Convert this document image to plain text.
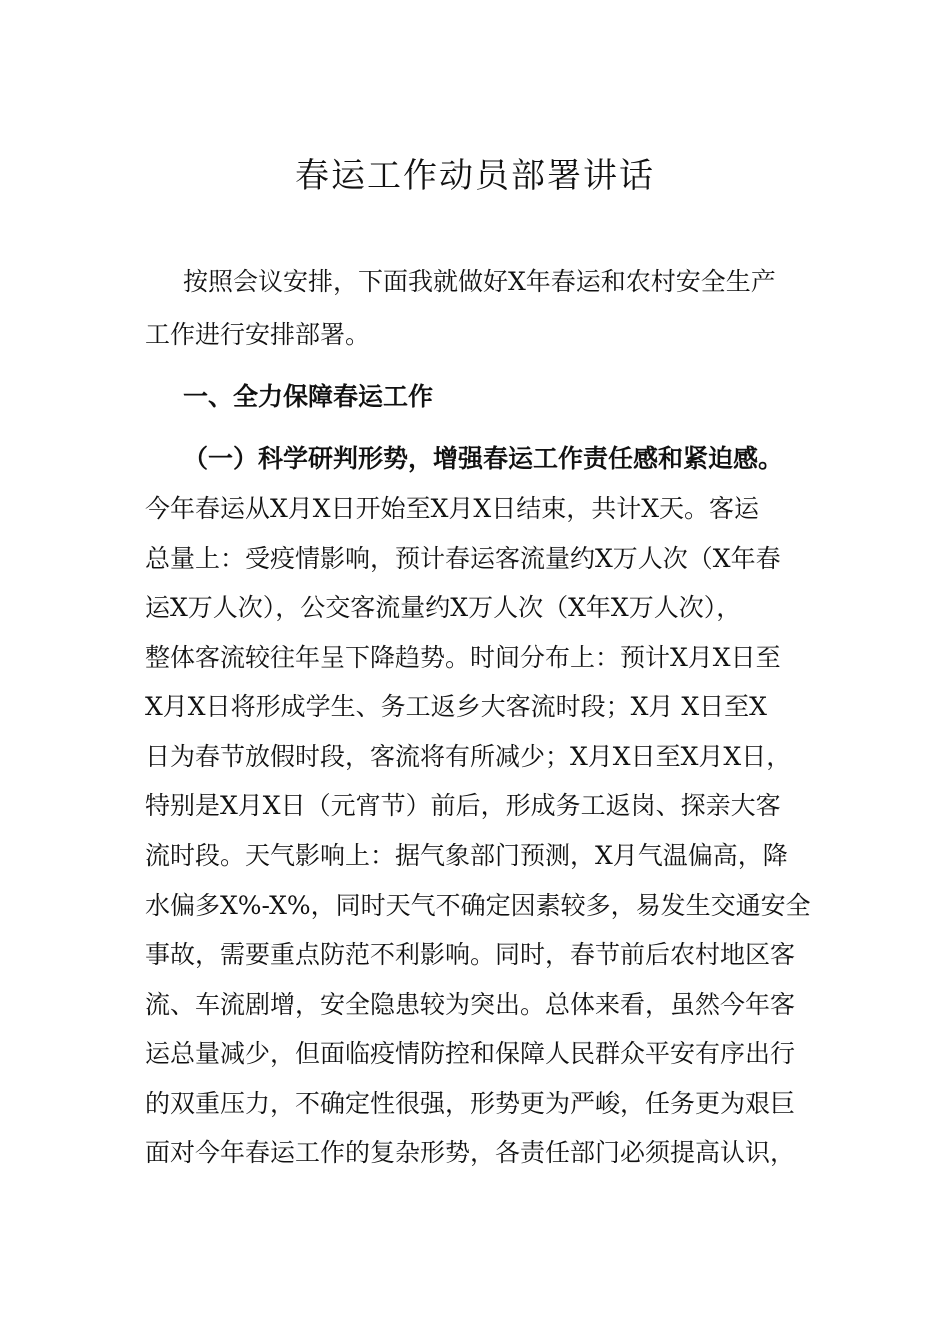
春运工作动员部署讲话
按照会议安排，下面我就做好X年春运和农村安全生产
工作进行安排部署。
一、全力保障春运工作
（一）科学研判形势，增强春运工作责任感和紧迫感。
今年春运从X月X日开始至X月X日结束，共计X天。客运
总量上：受疫情影响，预计春运客流量约X万人次（X年春
运X万人次），公交客流量约X万人次（X年X万人次），
整体客流较往年呈下降趋势。时间分布上：预计X月X日至
X月X日将形成学生、务工返乡大客流时段；X月 X日至X
日为春节放假时段，客流将有所减少；X月X日至X月X日，
特别是X月X日（元宵节）前后，形成务工返岗、探亲大客
流时段。天气影响上：据气象部门预测，X月气温偏高，降
水偏多X%-X%，同时天气不确定因素较多，易发生交通安全
事故，需要重点防范不利影响。同时，春节前后农村地区客
流、车流剧增，安全隐患较为突出。总体来看，虽然今年客
运总量减少，但面临疫情防控和保障人民群众平安有序出行
的双重压力，不确定性很强，形势更为严峻，任务更为艰巨
面对今年春运工作的复杂形势，各责任部门必须提高认识，
